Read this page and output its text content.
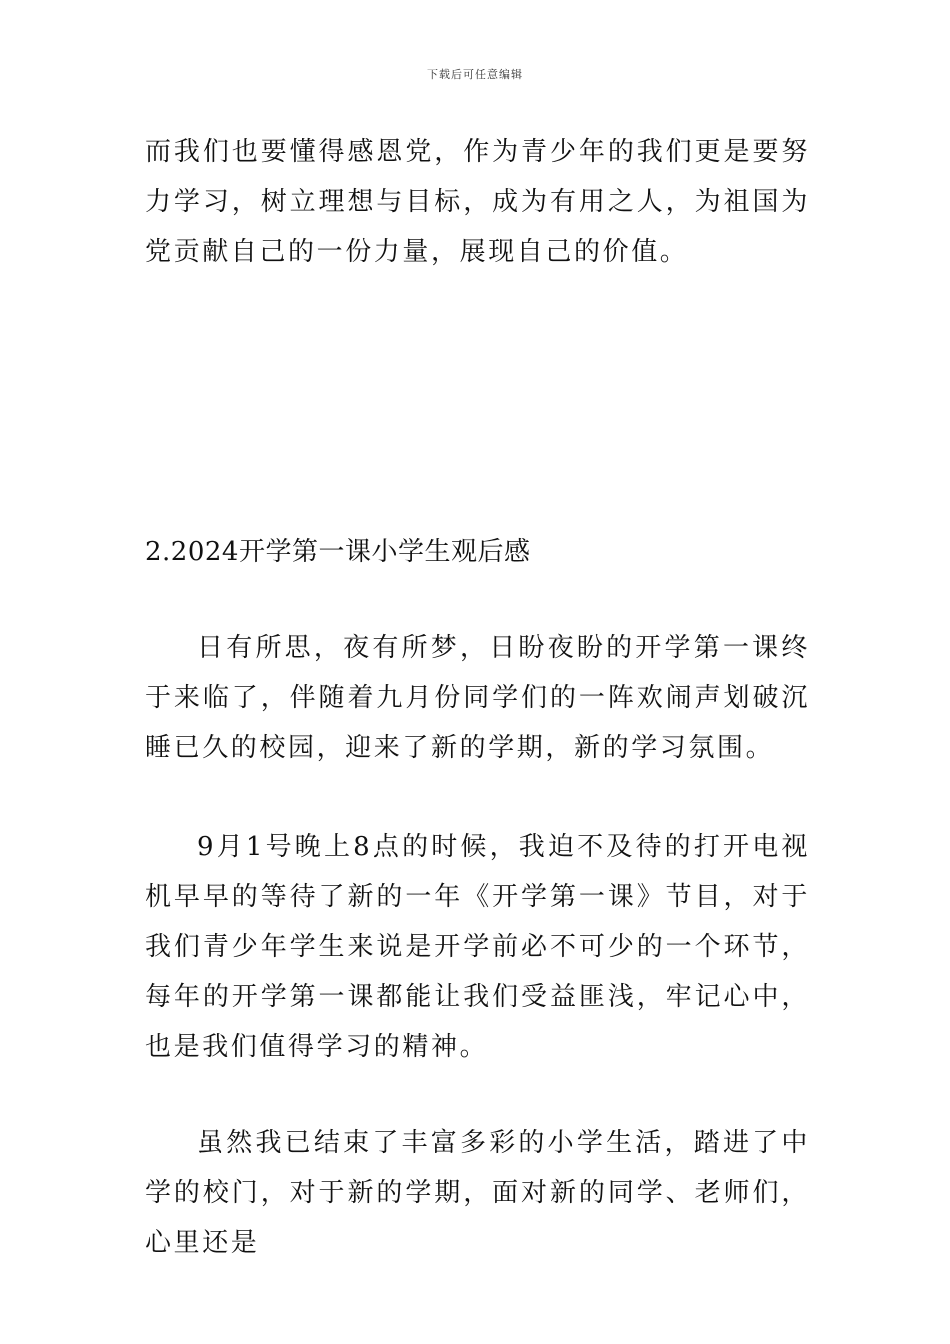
下载后可任意编辑

而我们也要懂得感恩党，作为青少年的我们更是要努力学习，树立理想与目标，成为有用之人，为祖国为党贡献自己的一份力量，展现自己的价值。

2.2024开学第一课小学生观后感

日有所思，夜有所梦，日盼夜盼的开学第一课终于来临了，伴随着九月份同学们的一阵欢闹声划破沉睡已久的校园，迎来了新的学期，新的学习氛围。

9月1号晚上8点的时候，我迫不及待的打开电视机早早的等待了新的一年《开学第一课》节目，对于我们青少年学生来说是开学前必不可少的一个环节，每年的开学第一课都能让我们受益匪浅，牢记心中，也是我们值得学习的精神。

虽然我已结束了丰富多彩的小学生活，踏进了中学的校门，对于新的学期，面对新的同学、老师们，心里还是
